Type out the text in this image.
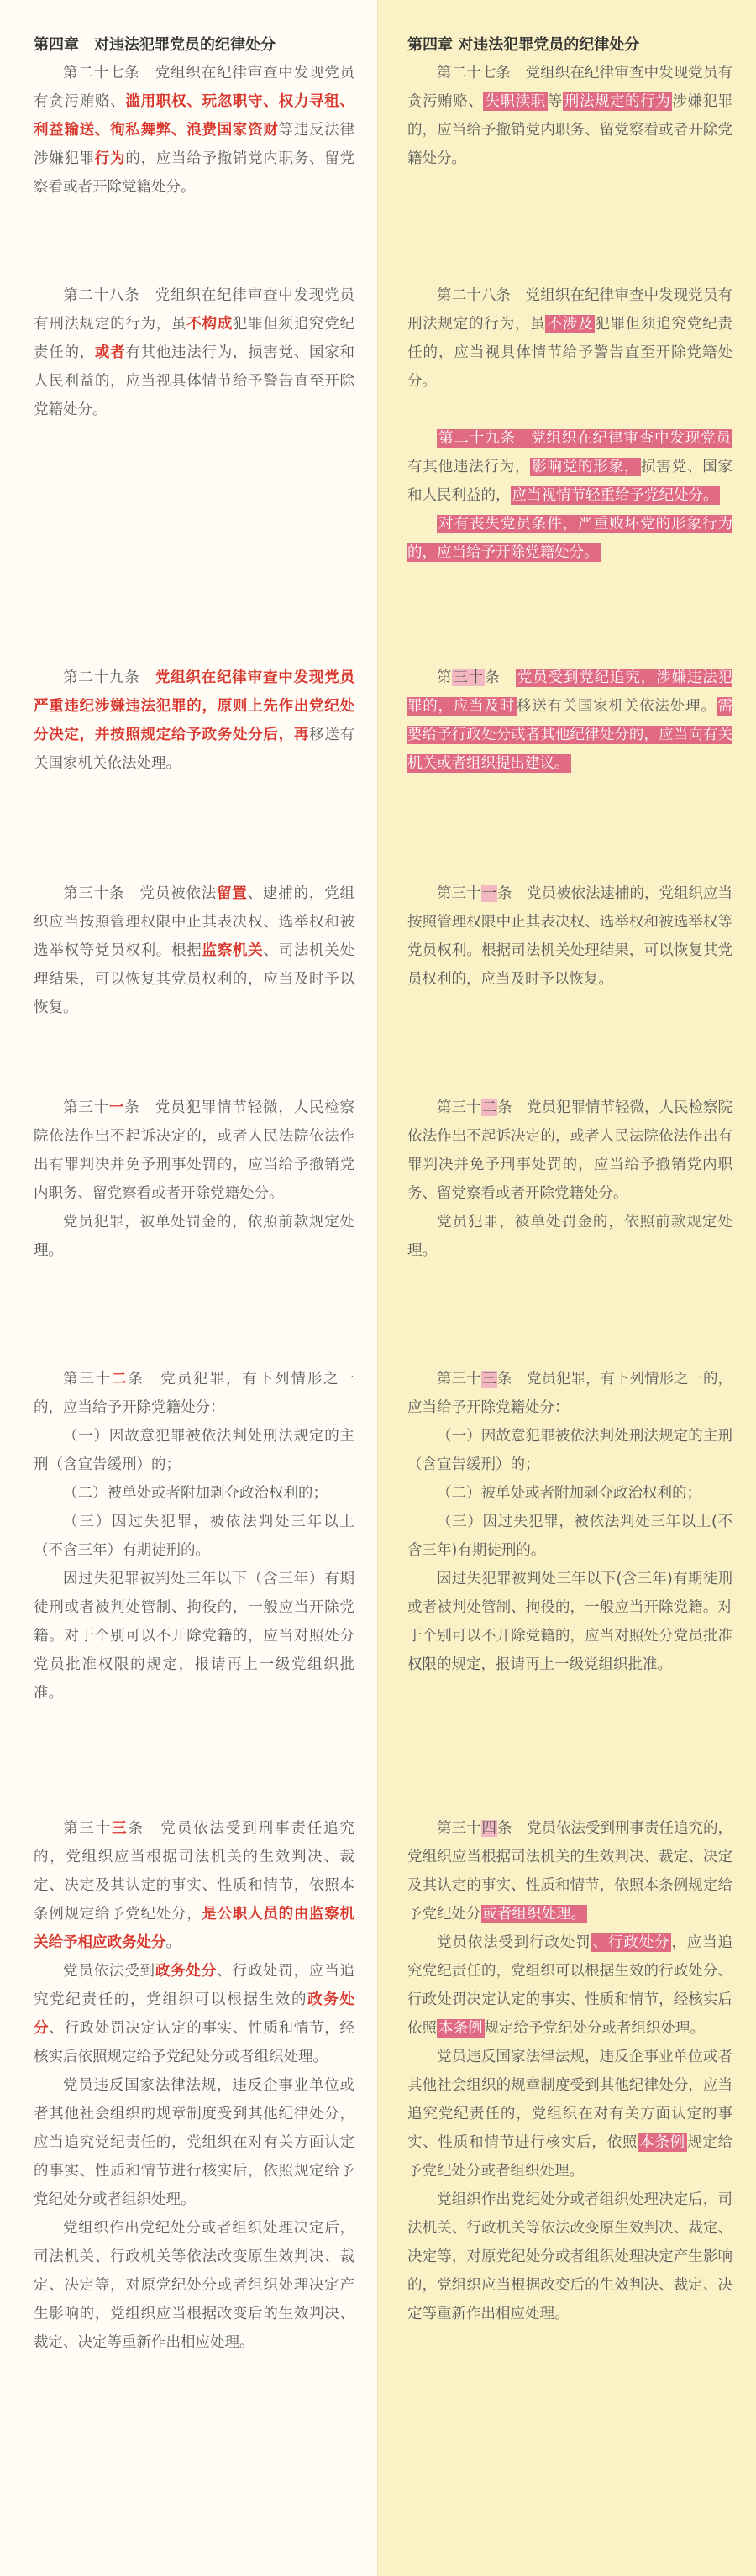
第四章　对违法犯罪党员的纪律处分

第二十七条　党组织在纪律审查中发现党员有贪污贿赂、滥用职权、玩忽职守、权力寻租、利益输送、徇私舞弊、浪费国家资财等违反法律涉嫌犯罪行为的，应当给予撤销党内职务、留党察看或者开除党籍处分。

第二十八条　党组织在纪律审查中发现党员有刑法规定的行为，虽不构成犯罪但须追究党纪责任的，或者有其他违法行为，损害党、国家和人民利益的，应当视具体情节给予警告直至开除党籍处分。

第二十九条　党组织在纪律审查中发现党员严重违纪涉嫌违法犯罪的，原则上先作出党纪处分决定，并按照规定给予政务处分后，再移送有关国家机关依法处理。

第三十条　党员被依法留置、逮捕的，党组织应当按照管理权限中止其表决权、选举权和被选举权等党员权利。根据监察机关、司法机关处理结果，可以恢复其党员权利的，应当及时予以恢复。

第三十一条　党员犯罪情节轻微，人民检察院依法作出不起诉决定的，或者人民法院依法作出有罪判决并免予刑事处罚的，应当给予撤销党内职务、留党察看或者开除党籍处分。

党员犯罪，被单处罚金的，依照前款规定处理。

第三十二条　党员犯罪，有下列情形之一的，应当给予开除党籍处分：

（一）因故意犯罪被依法判处刑法规定的主刑（含宣告缓刑）的；

（二）被单处或者附加剥夺政治权利的；

（三）因过失犯罪，被依法判处三年以上（不含三年）有期徒刑的。

因过失犯罪被判处三年以下（含三年）有期徒刑或者被判处管制、拘役的，一般应当开除党籍。对于个别可以不开除党籍的，应当对照处分党员批准权限的规定，报请再上一级党组织批准。

第三十三条　党员依法受到刑事责任追究的，党组织应当根据司法机关的生效判决、裁定、决定及其认定的事实、性质和情节，依照本条例规定给予党纪处分，是公职人员的由监察机关给予相应政务处分。

党员依法受到政务处分、行政处罚，应当追究党纪责任的，党组织可以根据生效的政务处分、行政处罚决定认定的事实、性质和情节，经核实后依照规定给予党纪处分或者组织处理。

党员违反国家法律法规，违反企事业单位或者其他社会组织的规章制度受到其他纪律处分，应当追究党纪责任的，党组织在对有关方面认定的事实、性质和情节进行核实后，依照规定给予党纪处分或者组织处理。

党组织作出党纪处分或者组织处理决定后，司法机关、行政机关等依法改变原生效判决、裁定、决定等，对原党纪处分或者组织处理决定产生影响的，党组织应当根据改变后的生效判决、裁定、决定等重新作出相应处理。

第四章 对违法犯罪党员的纪律处分

第二十七条　党组织在纪律审查中发现党员有贪污贿赂、 失职渎职 等 刑法规定的行为 涉嫌犯罪的，应当给予撤销党内职务、留党察看或者开除党籍处分。

第二十八条　党组织在纪律审查中发现党员有刑法规定的行为，虽 不涉及 犯罪但须追究党纪责任的，应当视具体情节给予警告直至开除党籍处分。

第二十九条　党组织在纪律审查中发现党员有其他违法行为， 影响党的形象， 损害党、国家和人民利益的， 应当视情节轻重给予党纪处分。

对有丧失党员条件，严重败坏党的形象行为的，应当给予开除党籍处分。

第三十条　党员受到党纪追究，涉嫌违法犯罪的，应当及时 移送有关国家机关依法处理。 需要给予行政处分或者其他纪律处分的，应当向有关机关或者组织提出建议。

第三十一条　党员被依法逮捕的，党组织应当按照管理权限中止其表决权、选举权和被选举权等党员权利。根据司法机关处理结果，可以恢复其党员权利的，应当及时予以恢复。

第三十二条　党员犯罪情节轻微，人民检察院依法作出不起诉决定的，或者人民法院依法作出有罪判决并免予刑事处罚的，应当给予撤销党内职务、留党察看或者开除党籍处分。

党员犯罪，被单处罚金的，依照前款规定处理。

第三十三条　党员犯罪，有下列情形之一的，应当给予开除党籍处分：

（一）因故意犯罪被依法判处刑法规定的主刑（含宣告缓刑）的；

（二）被单处或者附加剥夺政治权利的；

（三）因过失犯罪，被依法判处三年以上(不含三年)有期徒刑的。

因过失犯罪被判处三年以下(含三年)有期徒刑或者被判处管制、拘役的，一般应当开除党籍。对于个别可以不开除党籍的，应当对照处分党员批准权限的规定，报请再上一级党组织批准。

第三十四条　党员依法受到刑事责任追究的，党组织应当根据司法机关的生效判决、裁定、决定及其认定的事实、性质和情节，依照本条例规定给予党纪处分 或者组织处理。

党员依法受到行政处罚 、行政处分 ，应当追究党纪责任的，党组织可以根据生效的行政处分、行政处罚决定认定的事实、性质和情节，经核实后依照 本条例 规定给予党纪处分或者组织处理。

党员违反国家法律法规，违反企事业单位或者其他社会组织的规章制度受到其他纪律处分，应当追究党纪责任的，党组织在对有关方面认定的事实、性质和情节进行核实后，依照 本条例 规定给予党纪处分或者组织处理。

党组织作出党纪处分或者组织处理决定后，司法机关、行政机关等依法改变原生效判决、裁定、决定等，对原党纪处分或者组织处理决定产生影响的，党组织应当根据改变后的生效判决、裁定、决定等重新作出相应处理。
